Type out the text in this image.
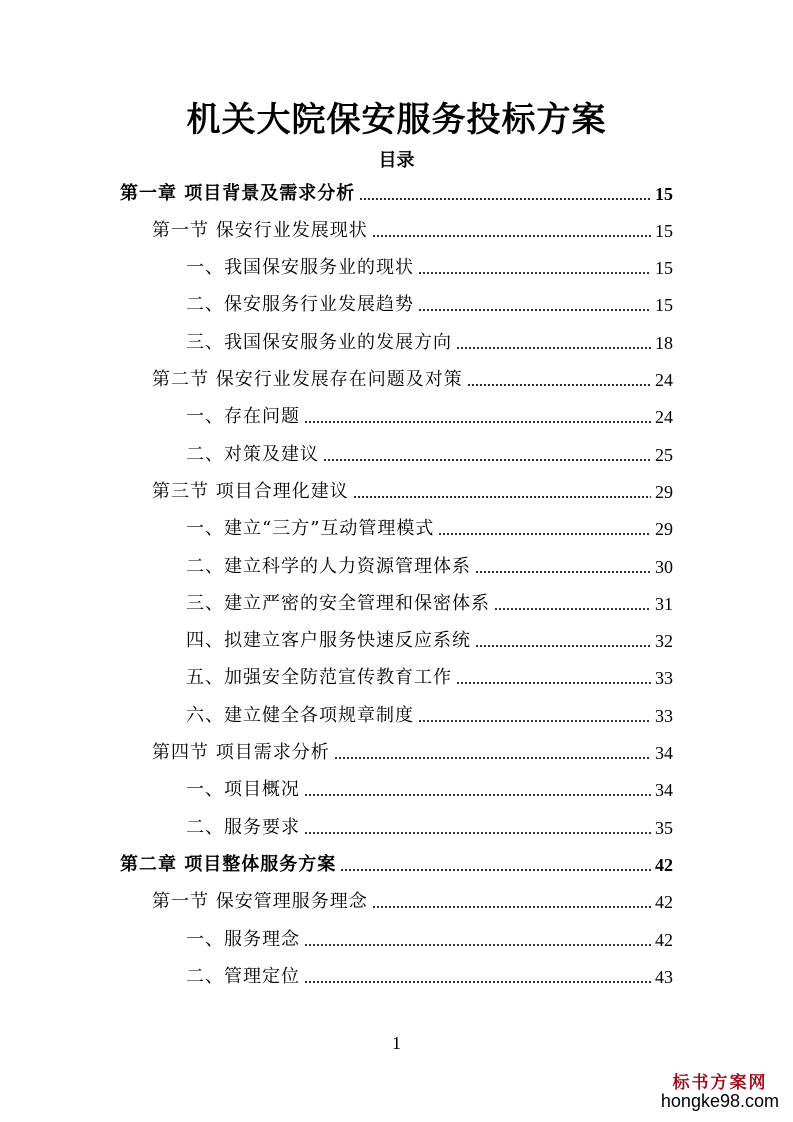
机关大院保安服务投标方案
目录
第一章 项目背景及需求分析	15
第一节 保安行业发展现状	15
一、我国保安服务业的现状	15
二、保安服务行业发展趋势	15
三、我国保安服务业的发展方向	18
第二节 保安行业发展存在问题及对策	24
一、存在问题	24
二、对策及建议	25
第三节 项目合理化建议	29
一、建立“三方”互动管理模式	29
二、建立科学的人力资源管理体系	30
三、建立严密的安全管理和保密体系	31
四、拟建立客户服务快速反应系统	32
五、加强安全防范宣传教育工作	33
六、建立健全各项规章制度	33
第四节 项目需求分析	34
一、项目概况	34
二、服务要求	35
第二章 项目整体服务方案	42
第一节 保安管理服务理念	42
一、服务理念	42
二、管理定位	43
1
标书方案网
hongke98.com
